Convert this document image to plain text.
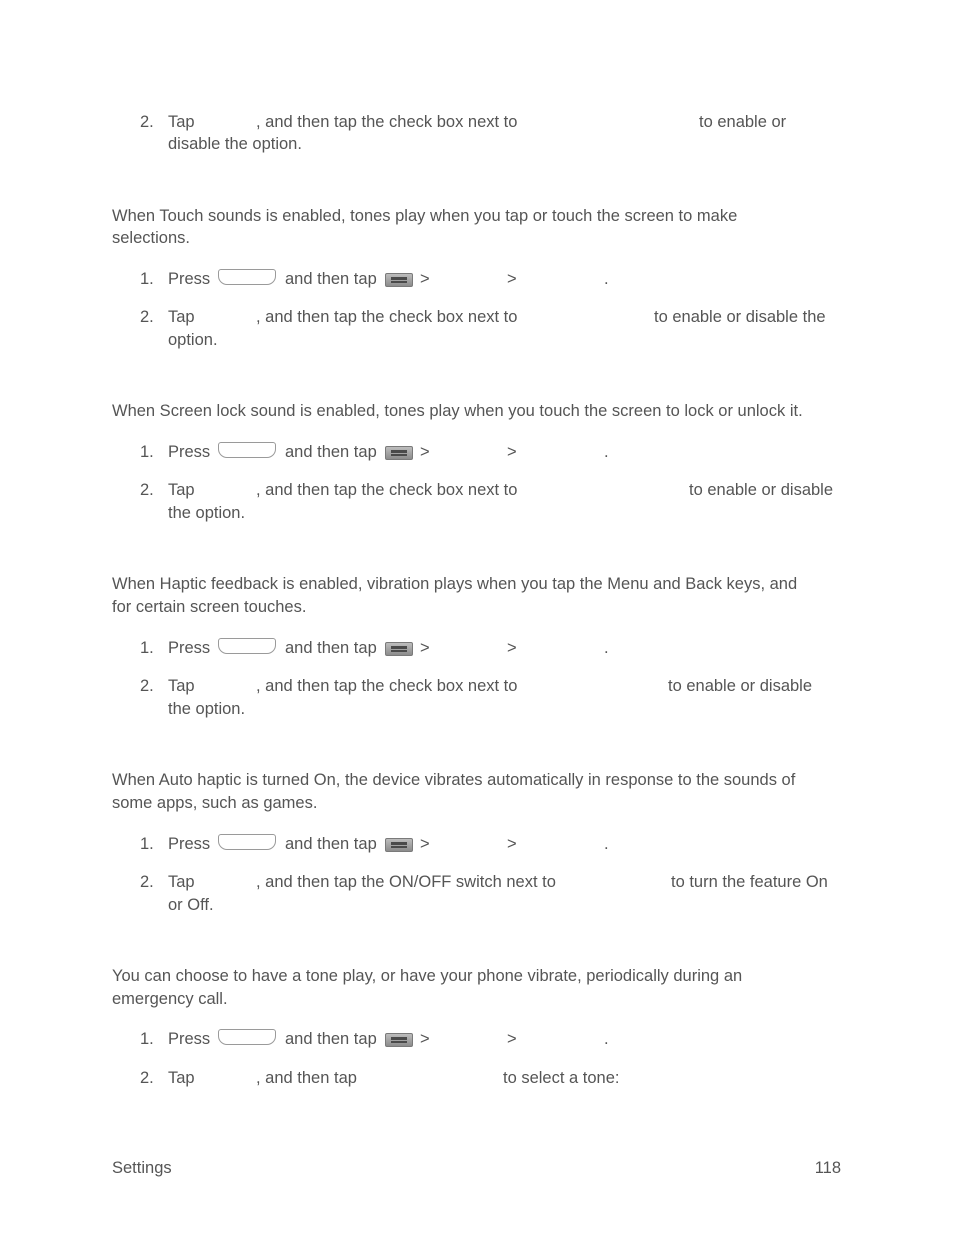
2. Tap	, and then tap the check box next to	to enable or
disable the option.
When Touch sounds is enabled, tones play when you tap or touch the screen to make
selections.
1. Press	and then tap	>	>	.
2. Tap	, and then tap the check box next to	to enable or disable the
option.
When Screen lock sound is enabled, tones play when you touch the screen to lock or unlock it.
1. Press	and then tap	>	>	.
2. Tap	, and then tap the check box next to	to enable or disable
the option.
When Haptic feedback is enabled, vibration plays when you tap the Menu and Back keys, and
for certain screen touches.
1. Press	and then tap	>	>	.
2. Tap	, and then tap the check box next to	to enable or disable
the option.
When Auto haptic is turned On, the device vibrates automatically in response to the sounds of
some apps, such as games.
1. Press	and then tap	>	>	.
2. Tap	, and then tap the ON/OFF switch next to	to turn the feature On
or Off.
You can choose to have a tone play, or have your phone vibrate, periodically during an
emergency call.
1. Press	and then tap	>	>	.
2. Tap	, and then tap	to select a tone:
Settings	118
